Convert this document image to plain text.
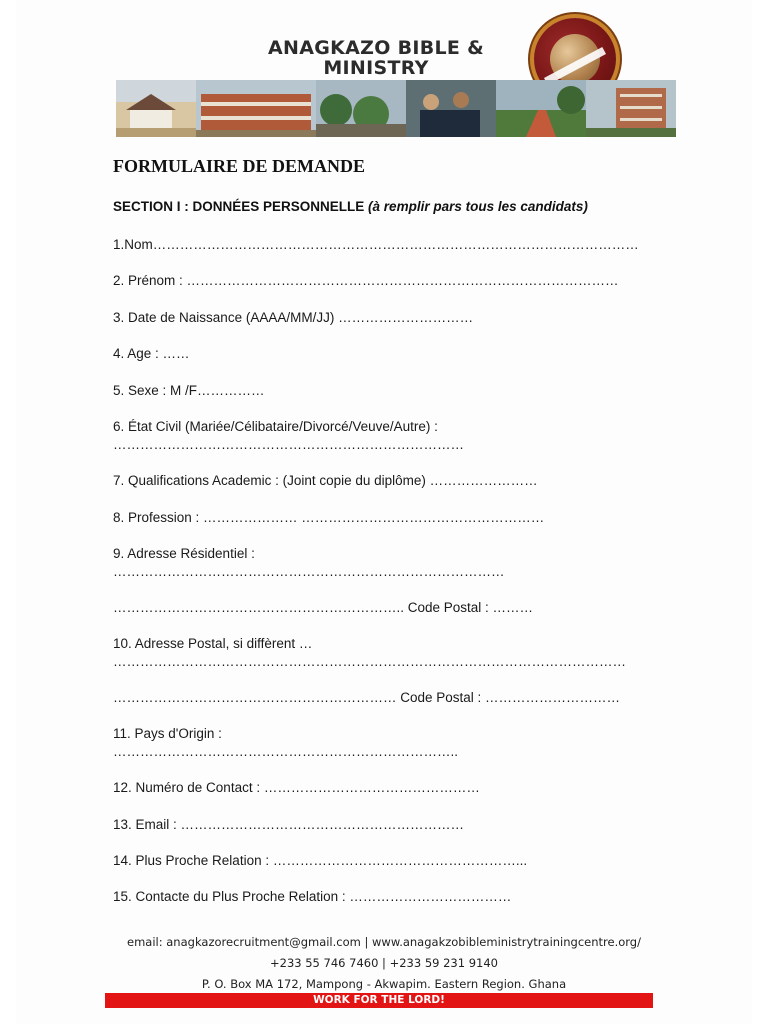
ANAGKAZO BIBLE & MINISTRY
FORMULAIRE DE DEMANDE
SECTION I : DONNÉES PERSONNELLE (à remplir pars tous les candidats)
1.Nom………………………………………………………………………………………………
2. Prénom : ……………………………………………………………………………………
3. Date de Naissance (AAAA/MM/JJ) …………………………
4. Age : ……
5. Sexe : M /F……………
6. État Civil (Mariée/Célibataire/Divorcé/Veuve/Autre) :
……………………………………………………………………
7. Qualifications Academic : (Joint copie du diplôme) ……………………
8. Profession : ………………… ………………………………………………
9. Adresse Résidentiel :
……………………………………………………………………………
……………………………………………………….. Code Postal : ………
10. Adresse Postal, si diffèrent …
……………………………………………………………………………………………………
……………………………………………………… Code Postal : …………………………
11. Pays d'Origin :
…………………………………………………………………..
12. Numéro de Contact : …………………………………………
13. Email : ………………………………………………………
14. Plus Proche Relation : ………………………………………………...
15. Contacte du Plus Proche Relation : ………………………………
email: anagkazorecruitment@gmail.com | www.anagakzobibleministrytrainingcentre.org/
+233 55 746 7460 | +233 59 231 9140
P. O. Box MA 172, Mampong - Akwapim. Eastern Region. Ghana
WORK FOR THE LORD!
